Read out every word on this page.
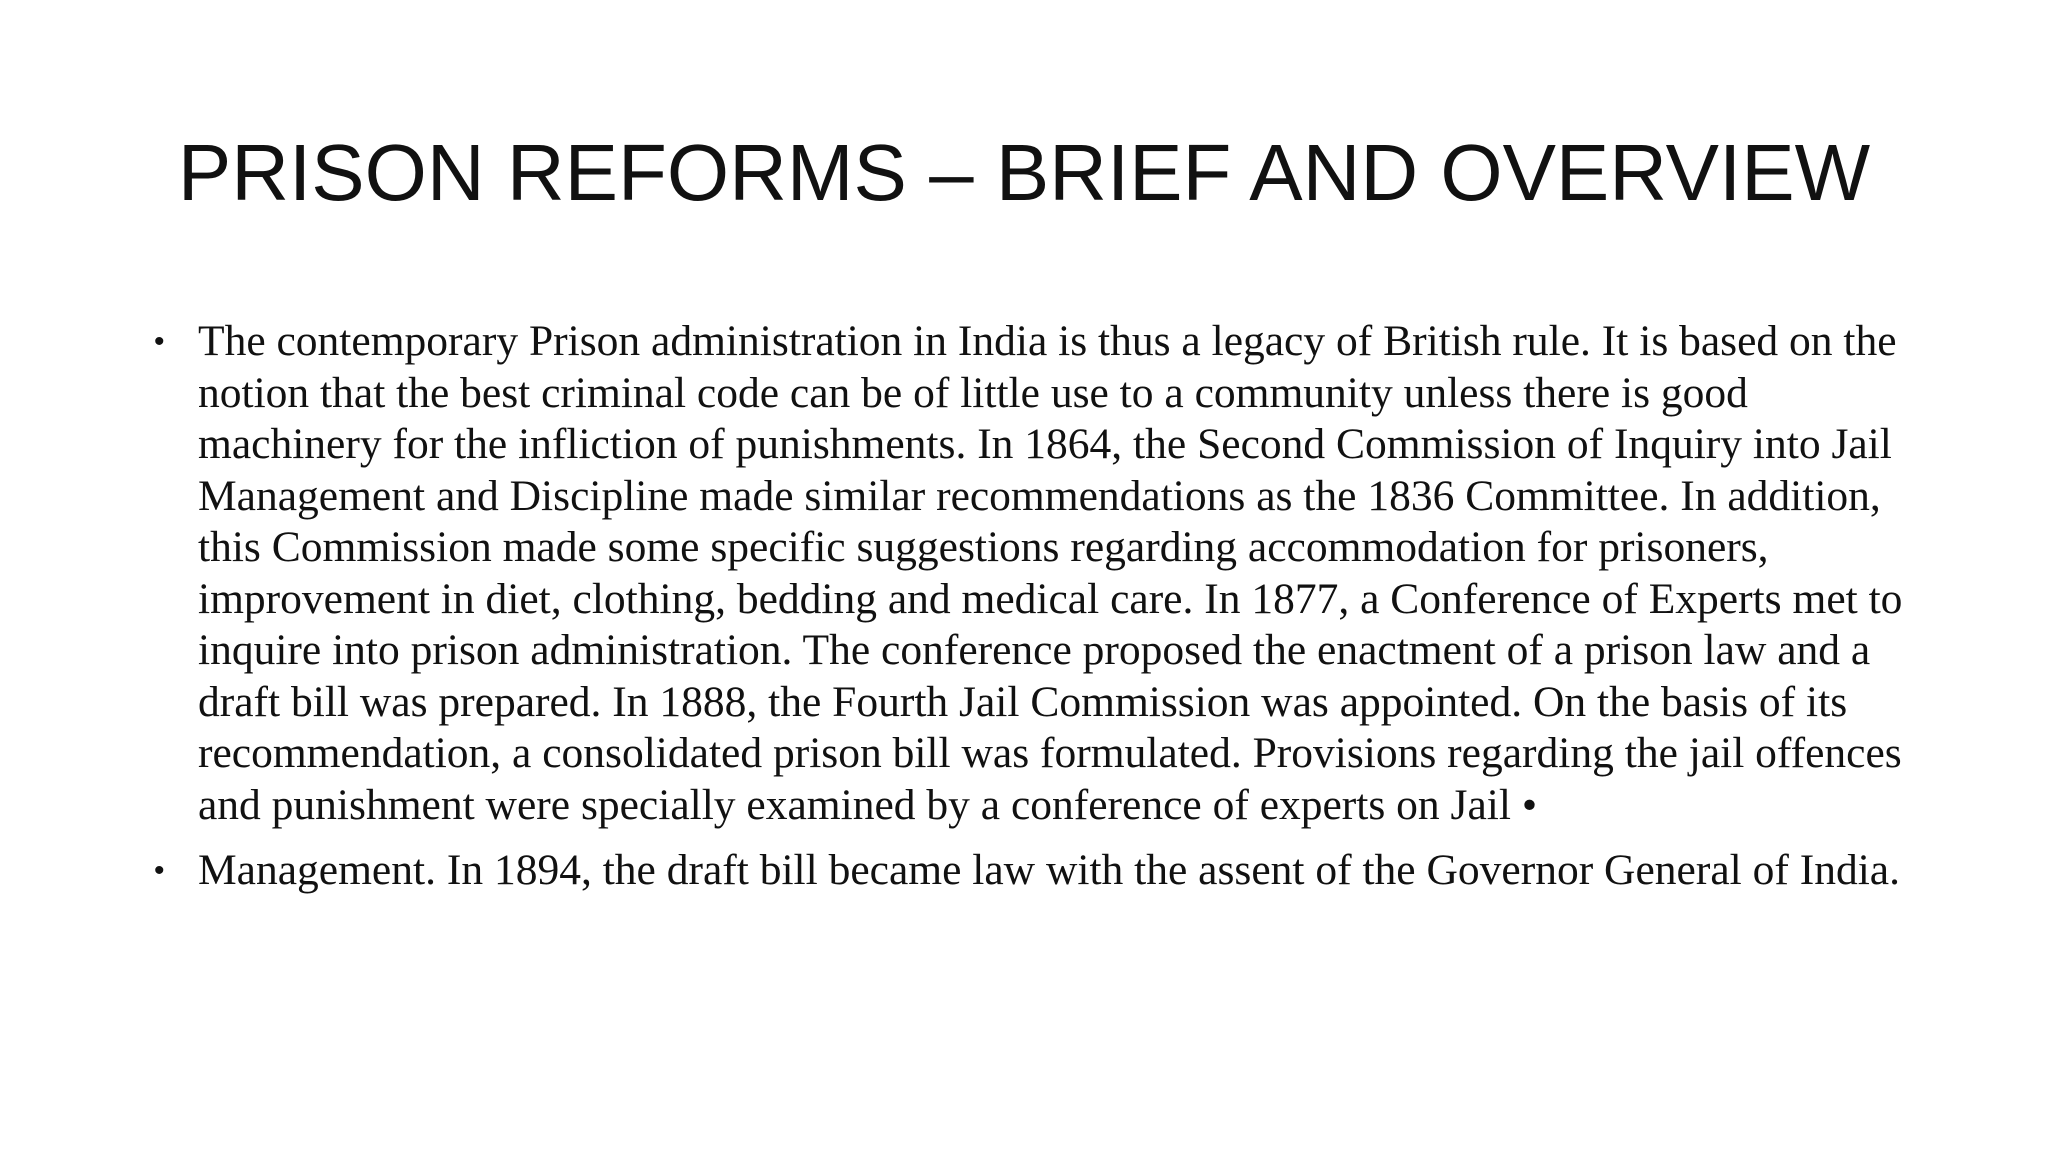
PRISON REFORMS – BRIEF AND OVERVIEW
• The contemporary Prison administration in India is thus a legacy of British rule. It is based on the notion that the best criminal code can be of little use to a community unless there is good machinery for the infliction of punishments. In 1864, the Second Commission of Inquiry into Jail Management and Discipline made similar recommendations as the 1836 Committee. In addition, this Commission made some specific suggestions regarding accommodation for prisoners, improvement in diet, clothing, bedding and medical care. In 1877, a Conference of Experts met to inquire into prison administration. The conference proposed the enactment of a prison law and a draft bill was prepared. In 1888, the Fourth Jail Commission was appointed. On the basis of its recommendation, a consolidated prison bill was formulated. Provisions regarding the jail offences and punishment were specially examined by a conference of experts on Jail •
• Management. In 1894, the draft bill became law with the assent of the Governor General of India.
